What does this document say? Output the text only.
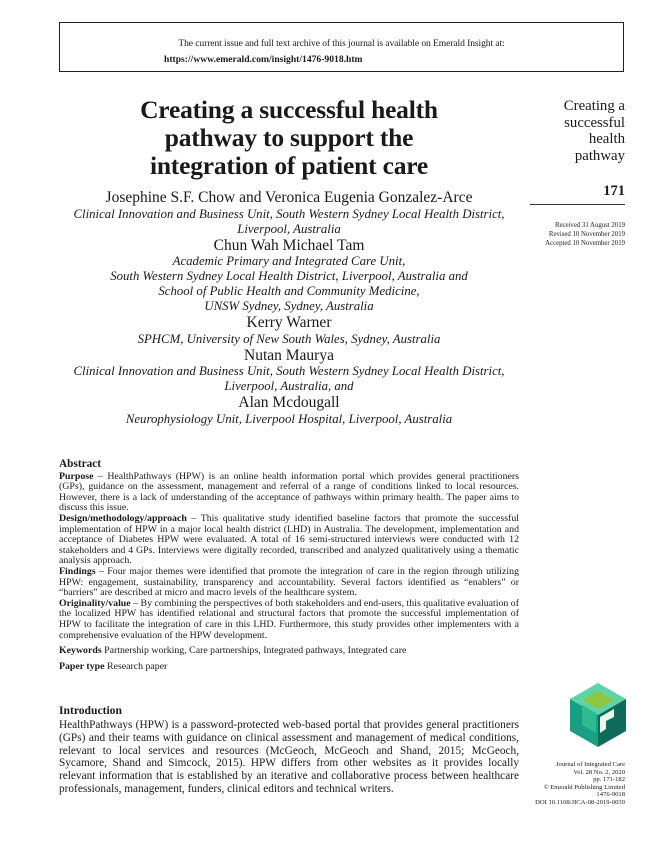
The current issue and full text archive of this journal is available on Emerald Insight at:
https://www.emerald.com/insight/1476-9018.htm
Creating a successful health
pathway to support the
integration of patient care
Creating a
successful
health
pathway
171
Received 31 August 2019
Revised 10 November 2019
Accepted 10 November 2019
Josephine S.F. Chow and Veronica Eugenia Gonzalez-Arce
Clinical Innovation and Business Unit, South Western Sydney Local Health District,
Liverpool, Australia
Chun Wah Michael Tam
Academic Primary and Integrated Care Unit,
South Western Sydney Local Health District, Liverpool, Australia and
School of Public Health and Community Medicine,
UNSW Sydney, Sydney, Australia
Kerry Warner
SPHCM, University of New South Wales, Sydney, Australia
Nutan Maurya
Clinical Innovation and Business Unit, South Western Sydney Local Health District,
Liverpool, Australia, and
Alan Mcdougall
Neurophysiology Unit, Liverpool Hospital, Liverpool, Australia
Abstract

Purpose – HealthPathways (HPW) is an online health information portal which provides general practitioners (GPs), guidance on the assessment, management and referral of a range of conditions linked to local resources. However, there is a lack of understanding of the acceptance of pathways within primary health. The paper aims to discuss this issue.

Design/methodology/approach – This qualitative study identified baseline factors that promote the successful implementation of HPW in a major local health district (LHD) in Australia. The development, implementation and acceptance of Diabetes HPW were evaluated. A total of 16 semi-structured interviews were conducted with 12 stakeholders and 4 GPs. Interviews were digitally recorded, transcribed and analyzed qualitatively using a thematic analysis approach.

Findings – Four major themes were identified that promote the integration of care in the region through utilizing HPW: engagement, sustainability, transparency and accountability. Several factors identified as “enablers” or “barriers” are described at micro and macro levels of the healthcare system.

Originality/value – By combining the perspectives of both stakeholders and end-users, this qualitative evaluation of the localized HPW has identified relational and structural factors that promote the successful implementation of HPW to facilitate the integration of care in this LHD. Furthermore, this study provides other implementers with a comprehensive evaluation of the HPW development.

Keywords Partnership working, Care partnerships, Integrated pathways, Integrated care

Paper type Research paper

Introduction

HealthPathways (HPW) is a password-protected web-based portal that provides general practitioners (GPs) and their teams with guidance on clinical assessment and management of medical conditions, relevant to local services and resources (McGeoch, McGeoch and Shand, 2015; McGeoch, Sycamore, Shand and Simcock, 2015). HPW differs from other websites as it provides locally relevant information that is established by an iterative and collaborative process between healthcare professionals, management, funders, clinical editors and technical writers.

Journal of Integrated Care
Vol. 28 No. 2, 2020
pp. 171-182
© Emerald Publishing Limited
1476-9018
DOI 10.1108/JICA-08-2019-0039
